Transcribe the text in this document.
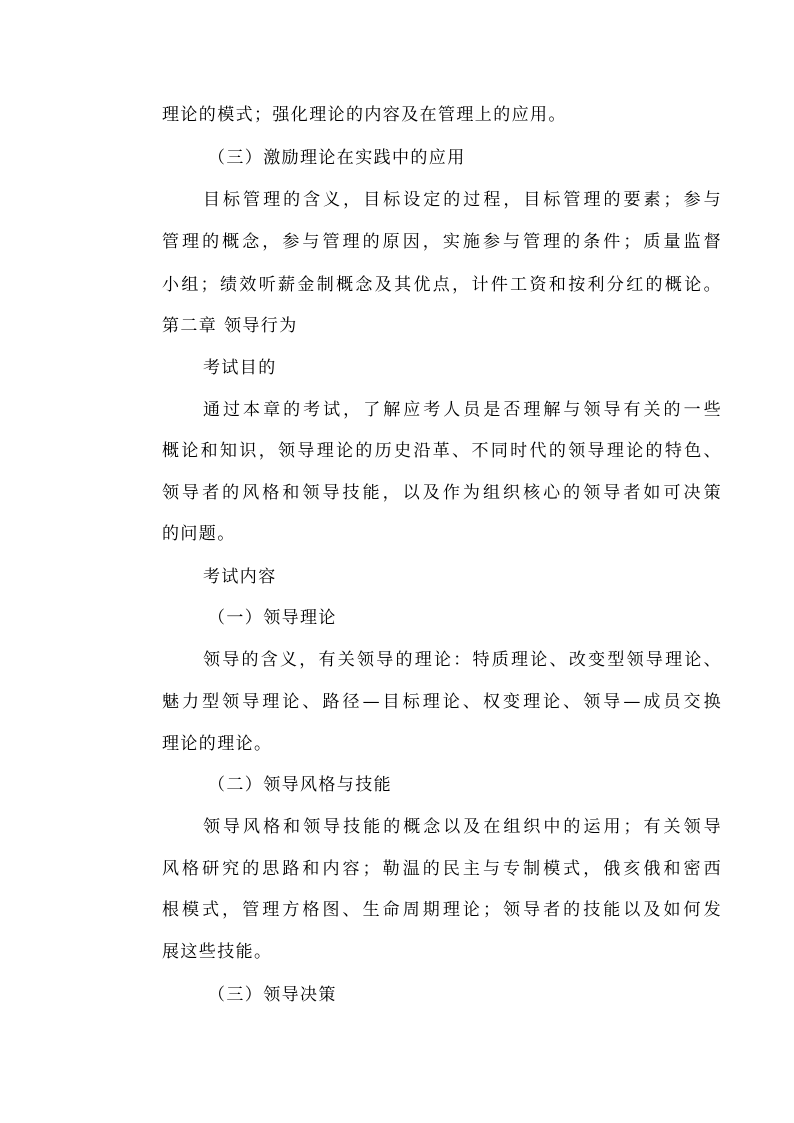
理论的模式；强化理论的内容及在管理上的应用。
（三）激励理论在实践中的应用
目标管理的含义，目标设定的过程，目标管理的要素；参与
管理的概念，参与管理的原因，实施参与管理的条件；质量监督
小组；绩效听薪金制概念及其优点，计件工资和按利分红的概论。
第二章 领导行为
考试目的
通过本章的考试，了解应考人员是否理解与领导有关的一些
概论和知识，领导理论的历史沿革、不同时代的领导理论的特色、
领导者的风格和领导技能，以及作为组织核心的领导者如可决策
的问题。
考试内容
（一）领导理论
领导的含义，有关领导的理论：特质理论、改变型领导理论、
魅力型领导理论、路径—目标理论、权变理论、领导—成员交换
理论的理论。
（二）领导风格与技能
领导风格和领导技能的概念以及在组织中的运用；有关领导
风格研究的思路和内容；勒温的民主与专制模式，俄亥俄和密西
根模式，管理方格图、生命周期理论；领导者的技能以及如何发
展这些技能。
（三）领导决策
